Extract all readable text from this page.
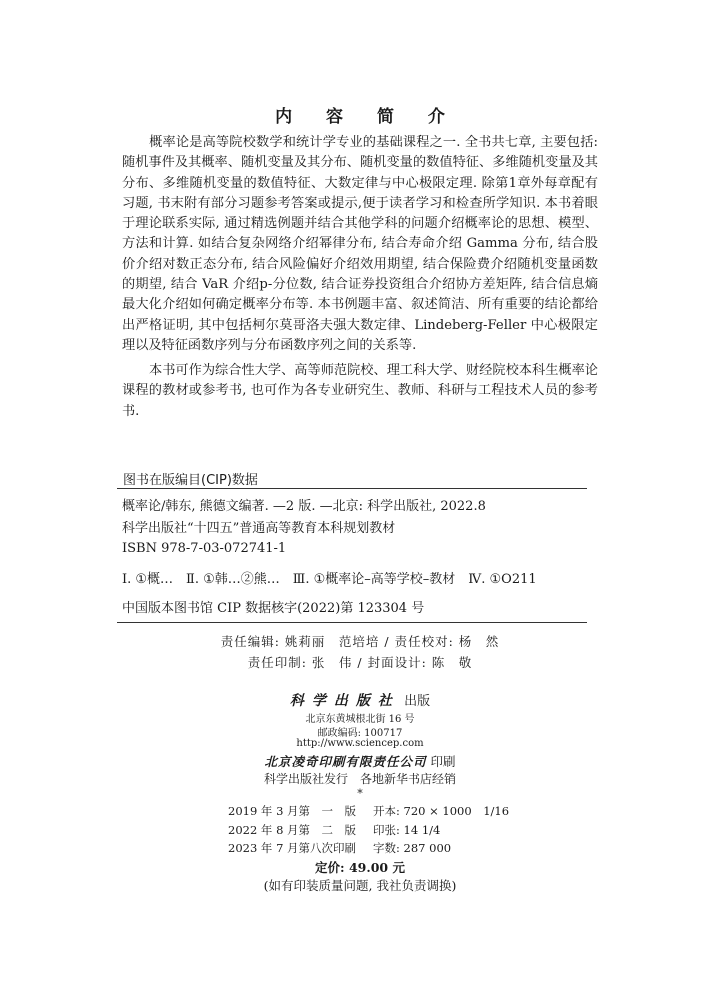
内 容 简 介
概率论是高等院校数学和统计学专业的基础课程之一. 全书共七章, 主要包括: 随机事件及其概率、随机变量及其分布、随机变量的数值特征、多维随机变量及其分布、多维随机变量的数值特征、大数定律与中心极限定理. 除第1章外每章配有习题, 书末附有部分习题参考答案或提示,便于读者学习和检查所学知识. 本书着眼于理论联系实际, 通过精选例题并结合其他学科的问题介绍概率论的思想、模型、方法和计算. 如结合复杂网络介绍幂律分布, 结合寿命介绍 Gamma 分布, 结合股价介绍对数正态分布, 结合风险偏好介绍效用期望, 结合保险费介绍随机变量函数的期望, 结合 VaR 介绍p-分位数, 结合证券投资组合介绍协方差矩阵, 结合信息熵最大化介绍如何确定概率分布等. 本书例题丰富、叙述简洁、所有重要的结论都给出严格证明, 其中包括柯尔莫哥洛夫强大数定律、Lindeberg-Feller 中心极限定理以及特征函数序列与分布函数序列之间的关系等.
本书可作为综合性大学、高等师范院校、理工科大学、财经院校本科生概率论课程的教材或参考书, 也可作为各专业研究生、教师、科研与工程技术人员的参考书.
图书在版编目(CIP)数据
概率论/韩东, 熊德文编著. —2 版. —北京: 科学出版社, 2022.8
科学出版社“十四五”普通高等教育本科规划教材
ISBN 978-7-03-072741-1
Ⅰ. ①概…　Ⅱ. ①韩…②熊…　Ⅲ. ①概率论–高等学校–教材　Ⅳ. ①O211
中国版本图书馆 CIP 数据核字(2022)第 123304 号
责任编辑: 姚莉丽　范培培 / 责任校对: 杨　然
责任印制: 张　伟 / 封面设计: 陈　敬
科学出版社 出版
北京东黄城根北街 16 号
邮政编码: 100717
http://www.sciencep.com
北京凌奇印刷有限责任公司 印刷
科学出版社发行　各地新华书店经销
*
2019 年 3 月第　一　版 开本: 720 × 1000　1/16
2022 年 8 月第　二　版 印张: 14 1/4
2023 年 7 月第八次印刷 字数: 287 000
定价: 49.00 元
(如有印装质量问题, 我社负责调换)
